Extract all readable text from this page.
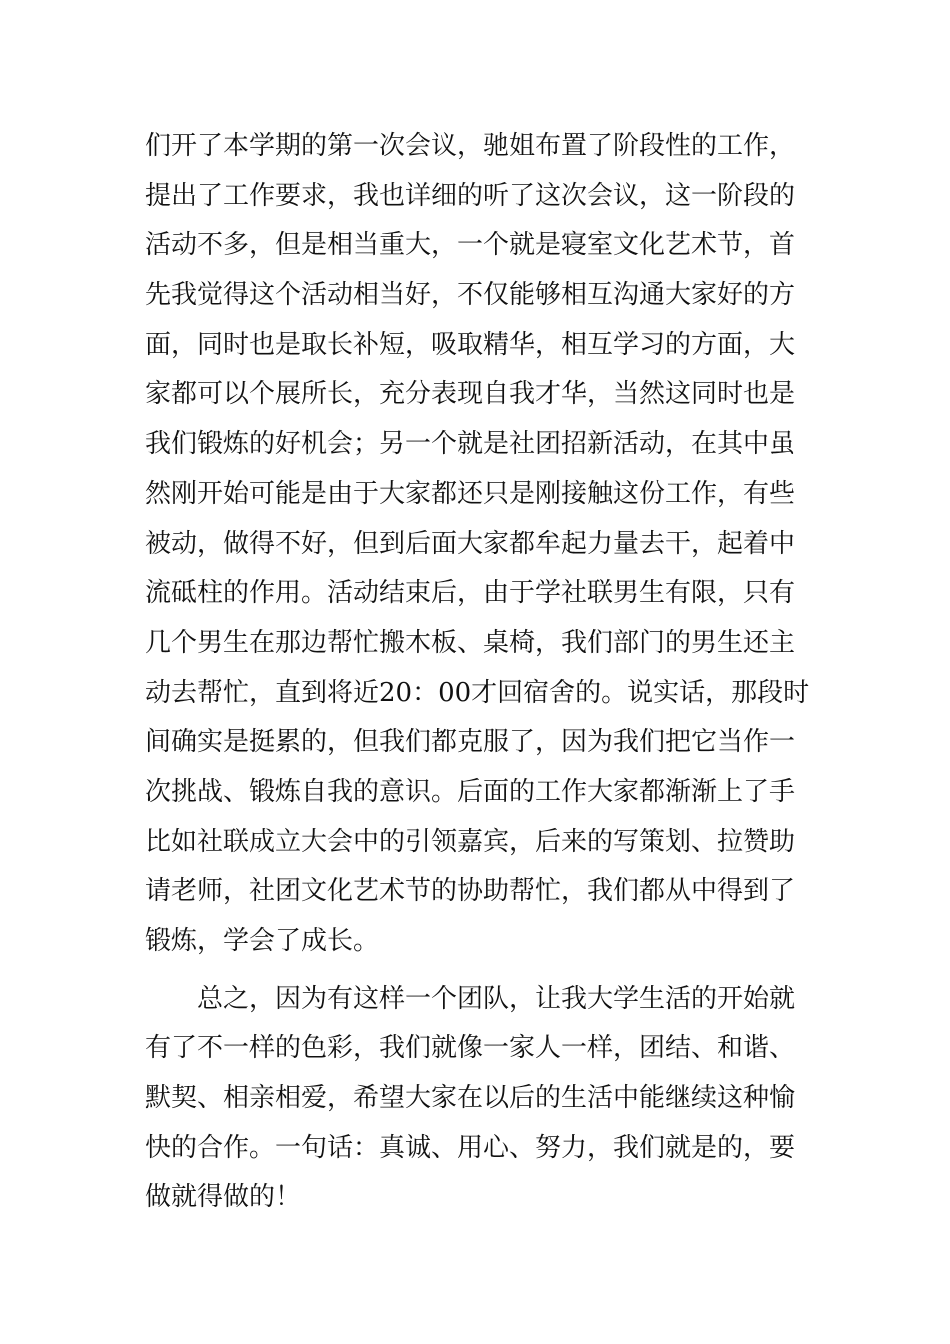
们开了本学期的第一次会议，驰姐布置了阶段性的工作，
提出了工作要求，我也详细的听了这次会议，这一阶段的
活动不多，但是相当重大，一个就是寝室文化艺术节，首
先我觉得这个活动相当好，不仅能够相互沟通大家好的方
面，同时也是取长补短，吸取精华，相互学习的方面，大
家都可以个展所长，充分表现自我才华，当然这同时也是
我们锻炼的好机会；另一个就是社团招新活动，在其中虽
然刚开始可能是由于大家都还只是刚接触这份工作，有些
被动，做得不好，但到后面大家都牟起力量去干，起着中
流砥柱的作用。活动结束后，由于学社联男生有限，只有
几个男生在那边帮忙搬木板、桌椅，我们部门的男生还主
动去帮忙，直到将近20：00才回宿舍的。说实话，那段时
间确实是挺累的，但我们都克服了，因为我们把它当作一
次挑战、锻炼自我的意识。后面的工作大家都渐渐上了手
比如社联成立大会中的引领嘉宾，后来的写策划、拉赞助
请老师，社团文化艺术节的协助帮忙，我们都从中得到了
锻炼，学会了成长。
　　总之，因为有这样一个团队，让我大学生活的开始就
有了不一样的色彩，我们就像一家人一样，团结、和谐、
默契、相亲相爱，希望大家在以后的生活中能继续这种愉
快的合作。一句话：真诚、用心、努力，我们就是的，要
做就得做的！
